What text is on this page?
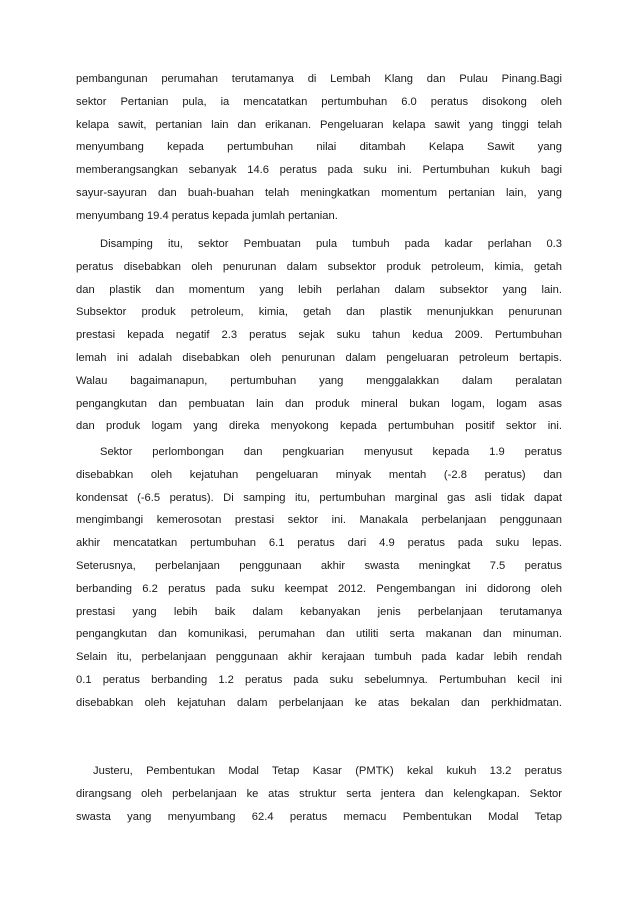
pembangunan perumahan terutamanya di Lembah Klang dan Pulau Pinang.Bagi
sektor Pertanian pula, ia mencatatkan pertumbuhan 6.0 peratus disokong oleh
kelapa sawit, pertanian lain dan erikanan. Pengeluaran kelapa sawit yang tinggi telah
menyumbang kepada pertumbuhan nilai ditambah Kelapa Sawit yang
memberangsangkan sebanyak 14.6 peratus pada suku ini. Pertumbuhan kukuh bagi
sayur-sayuran dan buah-buahan telah meningkatkan momentum pertanian lain, yang
menyumbang 19.4 peratus kepada jumlah pertanian.
Disamping itu, sektor Pembuatan pula tumbuh pada kadar perlahan 0.3
peratus disebabkan oleh penurunan dalam subsektor produk petroleum, kimia, getah
dan plastik dan momentum yang lebih perlahan dalam subsektor yang lain.
Subsektor produk petroleum, kimia, getah dan plastik menunjukkan penurunan
prestasi kepada negatif 2.3 peratus sejak suku tahun kedua 2009. Pertumbuhan
lemah ini adalah disebabkan oleh penurunan dalam pengeluaran petroleum bertapis.
Walau bagaimanapun, pertumbuhan yang menggalakkan dalam peralatan
pengangkutan dan pembuatan lain dan produk mineral bukan logam, logam asas
dan produk logam yang direka menyokong kepada pertumbuhan positif sektor ini.
Sektor perlombongan dan pengkuarian menyusut kepada 1.9 peratus
disebabkan oleh kejatuhan pengeluaran minyak mentah (-2.8 peratus) dan
kondensat (-6.5 peratus). Di samping itu, pertumbuhan marginal gas asli tidak dapat
mengimbangi kemerosotan prestasi sektor ini. Manakala perbelanjaan penggunaan
akhir mencatatkan pertumbuhan 6.1 peratus dari 4.9 peratus pada suku lepas.
Seterusnya, perbelanjaan penggunaan akhir swasta meningkat 7.5 peratus
berbanding 6.2 peratus pada suku keempat 2012. Pengembangan ini didorong oleh
prestasi yang lebih baik dalam kebanyakan jenis perbelanjaan terutamanya
pengangkutan dan komunikasi, perumahan dan utiliti serta makanan dan minuman.
Selain itu, perbelanjaan penggunaan akhir kerajaan tumbuh pada kadar lebih rendah
0.1 peratus berbanding 1.2 peratus pada suku sebelumnya. Pertumbuhan kecil ini
disebabkan oleh kejatuhan dalam perbelanjaan ke atas bekalan dan perkhidmatan.
Justeru, Pembentukan Modal Tetap Kasar (PMTK) kekal kukuh 13.2 peratus
dirangsang oleh perbelanjaan ke atas struktur serta jentera dan kelengkapan. Sektor
swasta yang menyumbang 62.4 peratus memacu Pembentukan Modal Tetap
